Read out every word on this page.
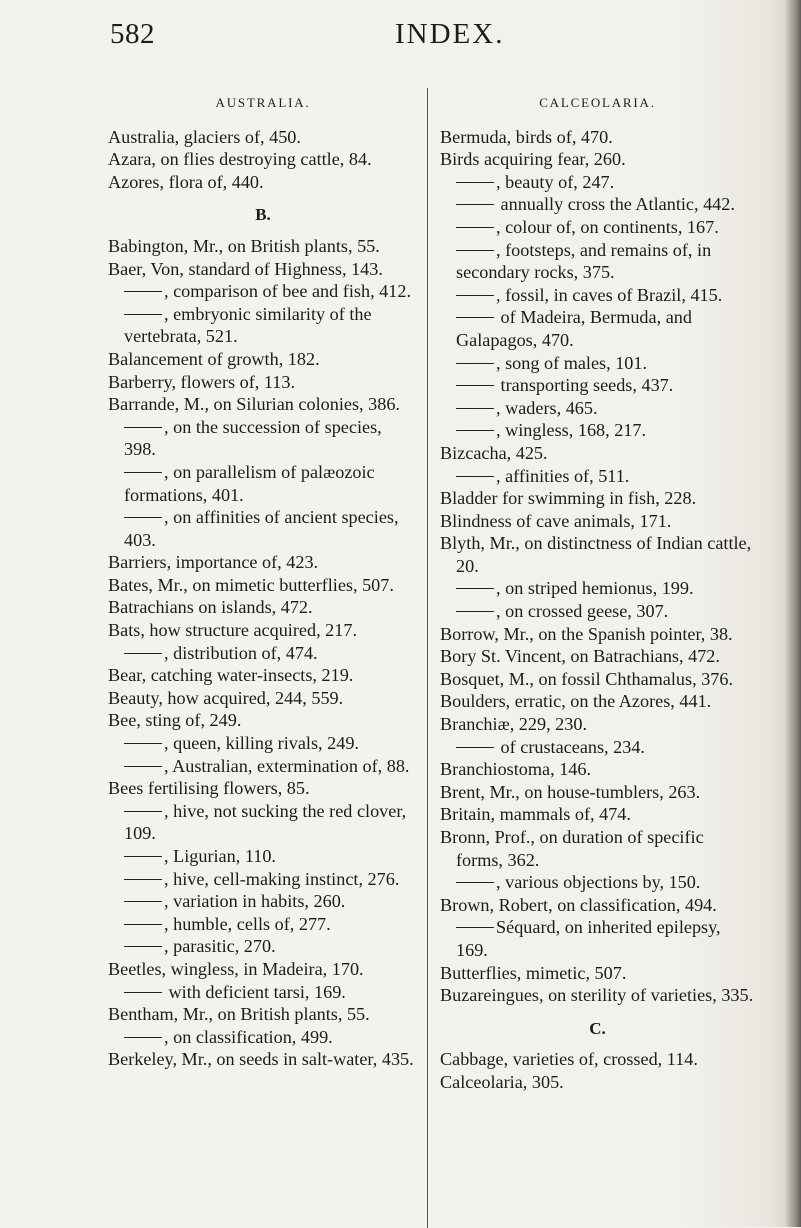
582	INDEX.
AUSTRALIA.
Australia, glaciers of, 450.
Azara, on flies destroying cattle, 84.
Azores, flora of, 440.
B.
Babington, Mr., on British plants, 55.
Baer, Von, standard of Highness, 143.
, comparison of bee and fish, 412.
, embryonic similarity of the vertebrata, 521.
Balancement of growth, 182.
Barberry, flowers of, 113.
Barrande, M., on Silurian colonies, 386.
, on the succession of species, 398.
, on parallelism of palæozoic formations, 401.
, on affinities of ancient species, 403.
Barriers, importance of, 423.
Bates, Mr., on mimetic butterflies, 507.
Batrachians on islands, 472.
Bats, how structure acquired, 217.
, distribution of, 474.
Bear, catching water-insects, 219.
Beauty, how acquired, 244, 559.
Bee, sting of, 249.
, queen, killing rivals, 249.
, Australian, extermination of, 88.
Bees fertilising flowers, 85.
, hive, not sucking the red clover, 109.
, Ligurian, 110.
, hive, cell-making instinct, 276.
, variation in habits, 260.
, humble, cells of, 277.
, parasitic, 270.
Beetles, wingless, in Madeira, 170.
with deficient tarsi, 169.
Bentham, Mr., on British plants, 55.
, on classification, 499.
Berkeley, Mr., on seeds in salt-water, 435.
CALCEOLARIA.
Bermuda, birds of, 470.
Birds acquiring fear, 260.
, beauty of, 247.
annually cross the Atlantic, 442.
, colour of, on continents, 167.
, footsteps, and remains of, in secondary rocks, 375.
, fossil, in caves of Brazil, 415.
of Madeira, Bermuda, and Galapagos, 470.
, song of males, 101.
transporting seeds, 437.
, waders, 465.
, wingless, 168, 217.
Bizcacha, 425.
, affinities of, 511.
Bladder for swimming in fish, 228.
Blindness of cave animals, 171.
Blyth, Mr., on distinctness of Indian cattle, 20.
, on striped hemionus, 199.
, on crossed geese, 307.
Borrow, Mr., on the Spanish pointer, 38.
Bory St. Vincent, on Batrachians, 472.
Bosquet, M., on fossil Chthamalus, 376.
Boulders, erratic, on the Azores, 441.
Branchiæ, 229, 230.
of crustaceans, 234.
Branchiostoma, 146.
Brent, Mr., on house-tumblers, 263.
Britain, mammals of, 474.
Bronn, Prof., on duration of specific forms, 362.
, various objections by, 150.
Brown, Robert, on classification, 494.
Séquard, on inherited epilepsy, 169.
Butterflies, mimetic, 507.
Buzareingues, on sterility of varieties, 335.
C.
Cabbage, varieties of, crossed, 114.
Calceolaria, 305.
